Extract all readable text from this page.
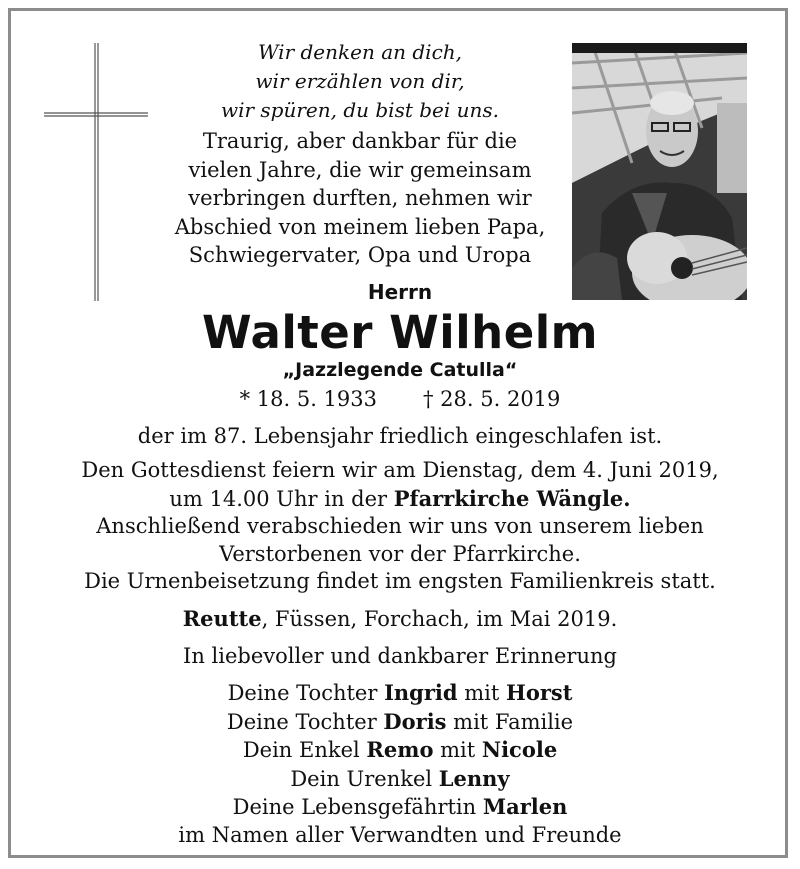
Wir denken an dich,
wir erzählen von dir,
wir spüren, du bist bei uns.
Traurig, aber dankbar für die
vielen Jahre, die wir gemeinsam
verbringen durften, nehmen wir
Abschied von meinem lieben Papa,
Schwiegervater, Opa und Uropa
Herrn
Walter Wilhelm
„Jazzlegende Catulla“
* 18. 5. 1933 † 28. 5. 2019
der im 87. Lebensjahr friedlich eingeschlafen ist.
Den Gottesdienst feiern wir am Dienstag, dem 4. Juni 2019,
um 14.00 Uhr in der Pfarrkirche Wängle.
Anschließend verabschieden wir uns von unserem lieben
Verstorbenen vor der Pfarrkirche.
Die Urnenbeisetzung findet im engsten Familienkreis statt.
Reutte, Füssen, Forchach, im Mai 2019.
In liebevoller und dankbarer Erinnerung
Deine Tochter Ingrid mit Horst
Deine Tochter Doris mit Familie
Dein Enkel Remo mit Nicole
Dein Urenkel Lenny
Deine Lebensgefährtin Marlen
im Namen aller Verwandten und Freunde
